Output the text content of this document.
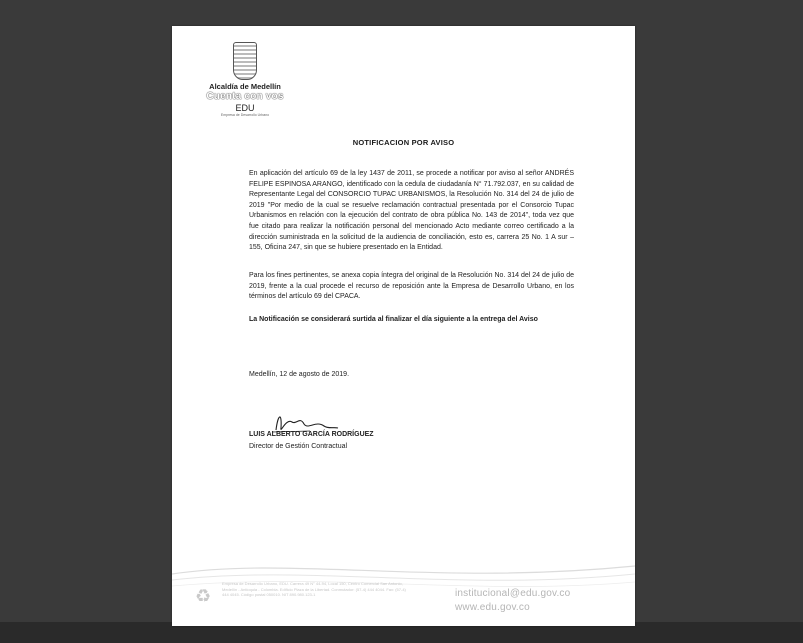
Alcaldía de Medellín
Cuenta con vos
EDU
Empresa de Desarrollo Urbano
NOTIFICACION POR AVISO
En aplicación del artículo 69 de la ley 1437 de 2011, se procede a notificar por aviso al señor ANDRÉS FELIPE ESPINOSA ARANGO, identificado con la cedula de ciudadanía N° 71.792.037, en su calidad de Representante Legal del CONSORCIO TUPAC URBANISMOS, la Resolución No. 314 del 24 de julio de 2019 "Por medio de la cual se resuelve reclamación contractual presentada por el Consorcio Tupac Urbanismos en relación con la ejecución del contrato de obra pública No. 143 de 2014", toda vez que fue citado para realizar la notificación personal del mencionado Acto mediante correo certificado a la dirección suministrada en la solicitud de la audiencia de conciliación, esto es, carrera 25 No. 1 A sur – 155, Oficina 247, sin que se hubiere presentado en la Entidad.
Para los fines pertinentes, se anexa copia íntegra del original de la Resolución No. 314 del 24 de julio de 2019, frente a la cual procede el recurso de reposición ante la Empresa de Desarrollo Urbano, en los términos del artículo 69 del CPACA.
La Notificación se considerará surtida al finalizar el día siguiente a la entrega del Aviso
Medellín, 12 de agosto de 2019.
LUIS ALBERTO GARCÍA RODRÍGUEZ
Director de Gestión Contractual
♻
Empresa de Desarrollo Urbano, EDU. Carrera 49 N° 44-94, Local 150, Centro Comercial San Antonio, Medellín - Antioquia - Colombia. Edificio Plaza de la Libertad. Conmutador: (57-4) 444 4044. Fax: (57-4) 444 4045. Código postal 050010. NIT 890.980.123-1	institucional@edu.gov.co
www.edu.gov.co
